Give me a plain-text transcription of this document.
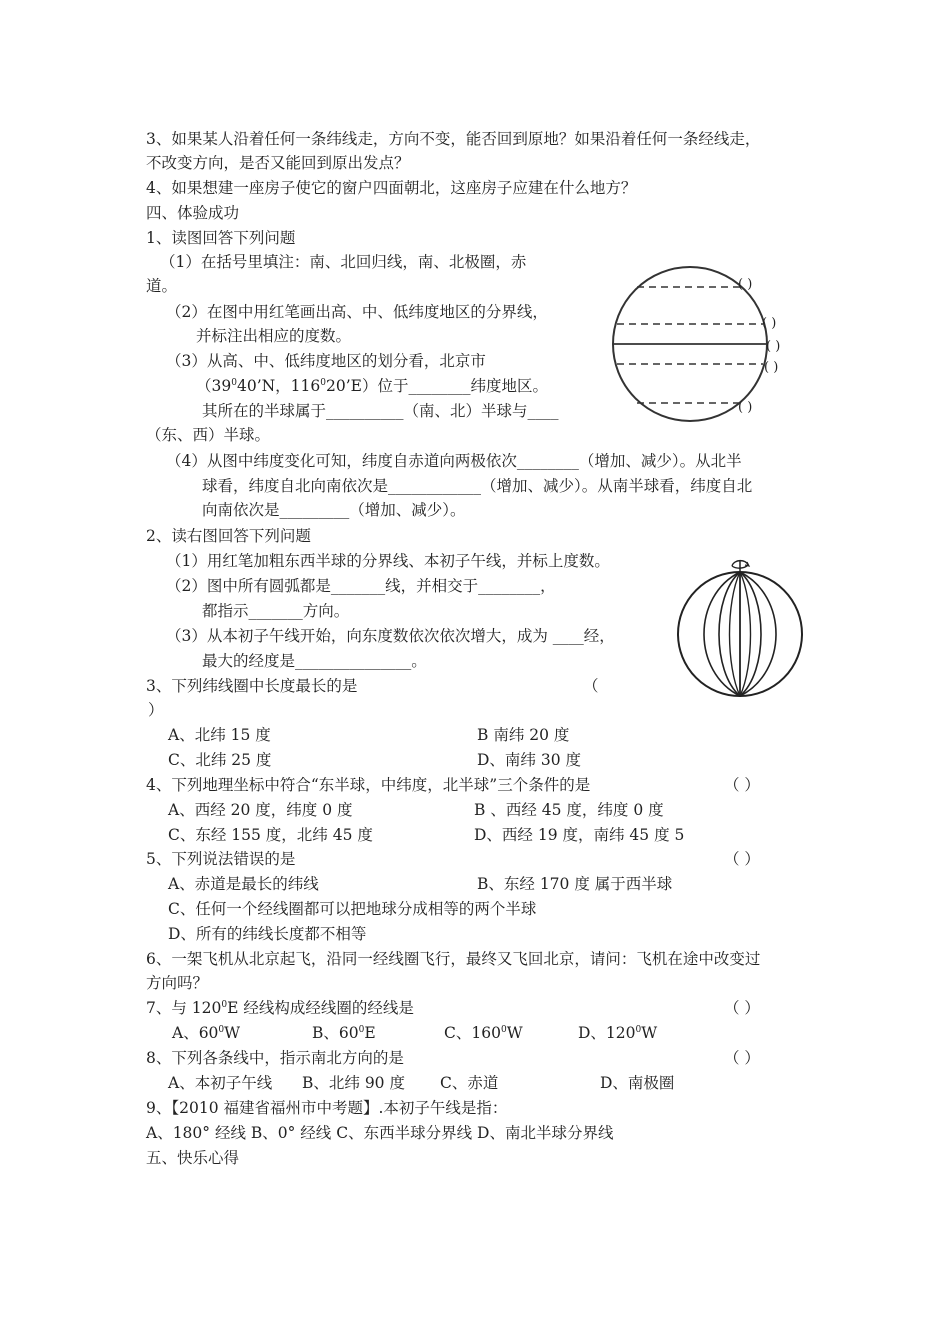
3、如果某人沿着任何一条纬线走，方向不变，能否回到原地？如果沿着任何一条经线走，
不改变方向，是否又能回到原出发点？
4、如果想建一座房子使它的窗户四面朝北，这座房子应建在什么地方？
四、体验成功
1、读图回答下列问题
（1）在括号里填注：南、北回归线，南、北极圈，赤
道。
（2）在图中用红笔画出高、中、低纬度地区的分界线，
并标注出相应的度数。
（3）从高、中、低纬度地区的划分看，北京市
（$39^040’N$，$116^020’E$）位于________纬度地区。
其所在的半球属于__________（南、北）半球与____
（东、西）半球。
（4）从图中纬度变化可知，纬度自赤道向两极依次________（增加、减少）。从北半
球看，纬度自北向南依次是____________（增加、减少）。从南半球看，纬度自北
向南依次是_________（增加、减少）。
2、读右图回答下列问题
（1）用红笔加粗东西半球的分界线、本初子午线，并标上度数。
（2）图中所有圆弧都是_______线，并相交于________，
都指示_______方向。
（3）从本初子午线开始，向东度数依次依次增大，成为 ____经，
最大的经度是_______________。
3、下列纬线圈中长度最长的是	（
）
A、北纬 15 度	B 南纬 20 度
C、北纬 25 度	D、南纬 30 度
4、下列地理坐标中符合“东半球，中纬度，北半球”三个条件的是	（ ）
A、西经 20 度，纬度 0 度	B 、西经 45 度，纬度 0 度
C、东经 155 度，北纬 45 度	D、西经 19 度，南纬 45 度 5
5、下列说法错误的是	（ ）
A、赤道是最长的纬线	B、东经 170 度 属于西半球
C、任何一个经线圈都可以把地球分成相等的两个半球
D、所有的纬线长度都不相等
6、一架飞机从北京起飞，沿同一经线圈飞行，最终又飞回北京，请问：飞机在途中改变过
方向吗？
7、与 $120^0E$ 经线构成经线圈的经线是	（ ）
A、$60^0W$	B、$60^0E$	C、$160^0W$	D、$120^0W$
8、下列各条线中，指示南北方向的是	（ ）
A、本初子午线 B、北纬 90 度 C、赤道	D、南极圈
9、【2010 福建省福州市中考题】.本初子午线是指：
A、180° 经线 B、0° 经线 C、东西半球分界线 D、南北半球分界线
五、快乐心得
( )
( )
( )
( )
( )
